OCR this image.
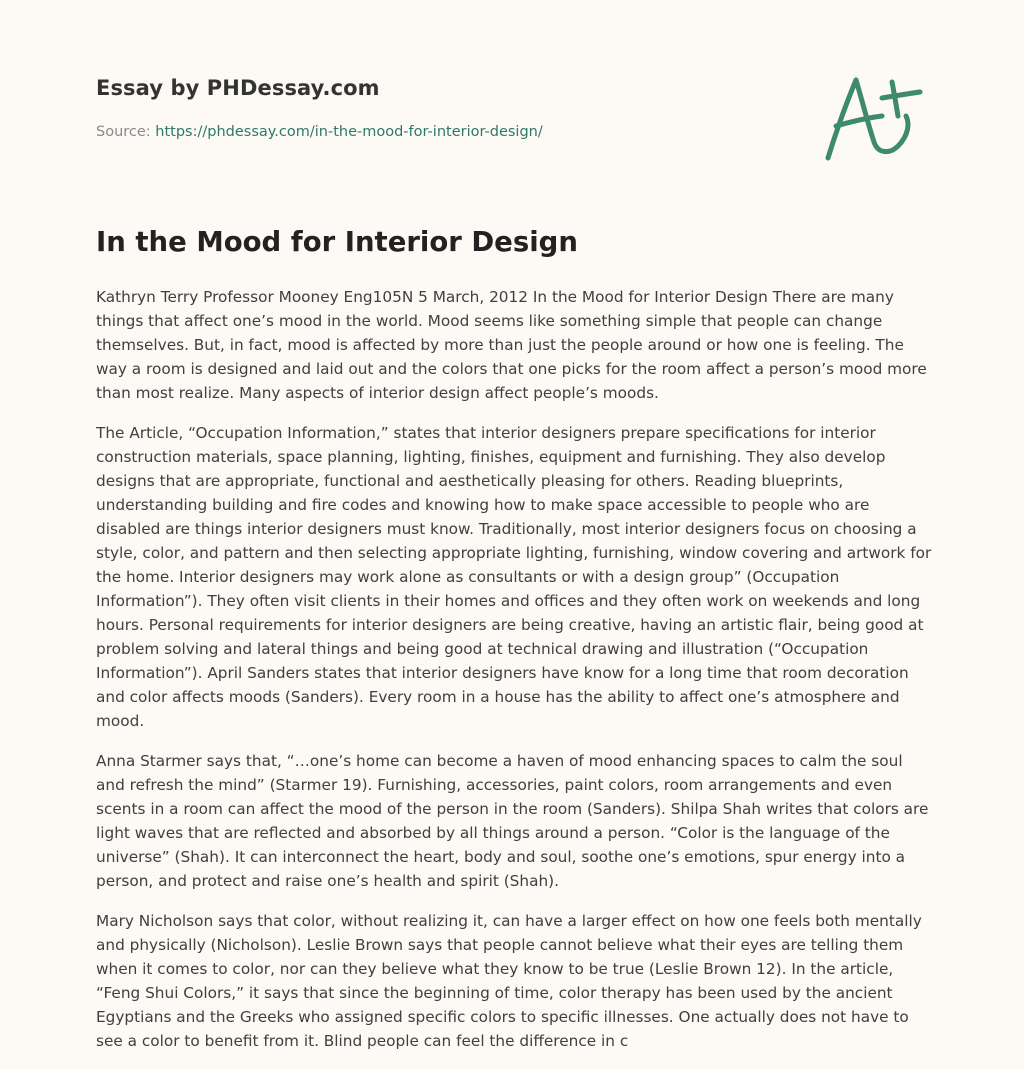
Essay by PHDessay.com
Source: https://phdessay.com/in-the-mood-for-interior-design/
In the Mood for Interior Design

Kathryn Terry Professor Mooney Eng105N 5 March, 2012 In the Mood for Interior Design There are many things that affect one’s mood in the world. Mood seems like something simple that people can change themselves. But, in fact, mood is affected by more than just the people around or how one is feeling. The way a room is designed and laid out and the colors that one picks for the room affect a person’s mood more than most realize. Many aspects of interior design affect people’s moods.

The Article, “Occupation Information,” states that interior designers prepare specifications for interior construction materials, space planning, lighting, finishes, equipment and furnishing. They also develop designs that are appropriate, functional and aesthetically pleasing for others. Reading blueprints, understanding building and fire codes and knowing how to make space accessible to people who are disabled are things interior designers must know. Traditionally, most interior designers focus on choosing a style, color, and pattern and then selecting appropriate lighting, furnishing, window covering and artwork for the home. Interior designers may work alone as consultants or with a design group” (Occupation Information”). They often visit clients in their homes and offices and they often work on weekends and long hours. Personal requirements for interior designers are being creative, having an artistic flair, being good at problem solving and lateral things and being good at technical drawing and illustration (“Occupation Information”). April Sanders states that interior designers have know for a long time that room decoration and color affects moods (Sanders). Every room in a house has the ability to affect one’s atmosphere and mood.

Anna Starmer says that, “…one’s home can become a haven of mood enhancing spaces to calm the soul and refresh the mind” (Starmer 19). Furnishing, accessories, paint colors, room arrangements and even scents in a room can affect the mood of the person in the room (Sanders). Shilpa Shah writes that colors are light waves that are reflected and absorbed by all things around a person. “Color is the language of the universe” (Shah). It can interconnect the heart, body and soul, soothe one’s emotions, spur energy into a person, and protect and raise one’s health and spirit (Shah).

Mary Nicholson says that color, without realizing it, can have a larger effect on how one feels both mentally and physically (Nicholson). Leslie Brown says that people cannot believe what their eyes are telling them when it comes to color, nor can they believe what they know to be true (Leslie Brown 12). In the article, “Feng Shui Colors,” it says that since the beginning of time, color therapy has been used by the ancient Egyptians and the Greeks who assigned specific colors to specific illnesses. One actually does not have to see a color to benefit from it. Blind people can feel the difference in c
